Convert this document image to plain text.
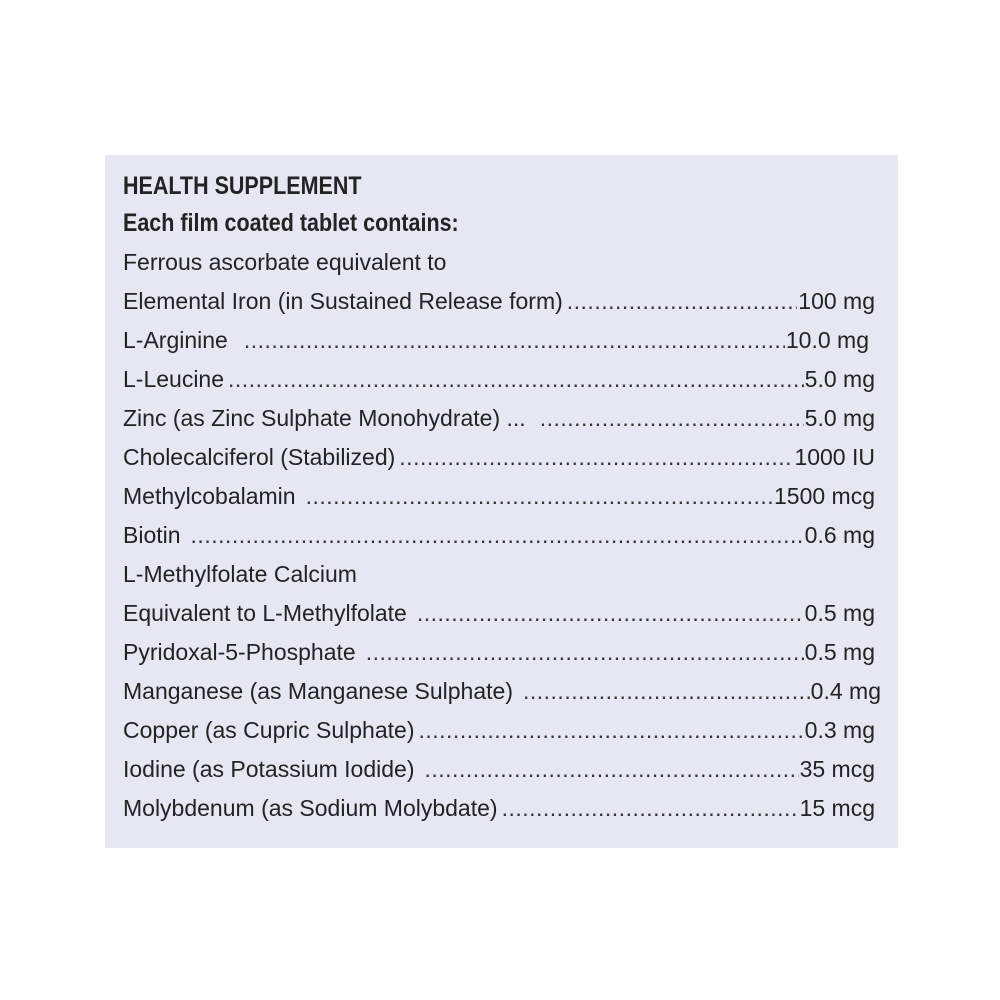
HEALTH SUPPLEMENT
Each film coated tablet contains:
Ferrous ascorbate equivalent to
Elemental Iron (in Sustained Release form) .....	100 mg
L-Arginine .....	10.0 mg
L-Leucine .....	5.0 mg
Zinc (as Zinc Sulphate Monohydrate) ... .....	5.0 mg
Cholecalciferol (Stabilized) .....	1000 IU
Methylcobalamin .....	1500 mcg
Biotin .....	0.6 mg
L-Methylfolate Calcium
Equivalent to L-Methylfolate .....	0.5 mg
Pyridoxal-5-Phosphate .....	0.5 mg
Manganese (as Manganese Sulphate) .....	0.4 mg
Copper (as Cupric Sulphate) .....	0.3 mg
Iodine (as Potassium Iodide) .....	35 mcg
Molybdenum (as Sodium Molybdate) .....	15 mcg
